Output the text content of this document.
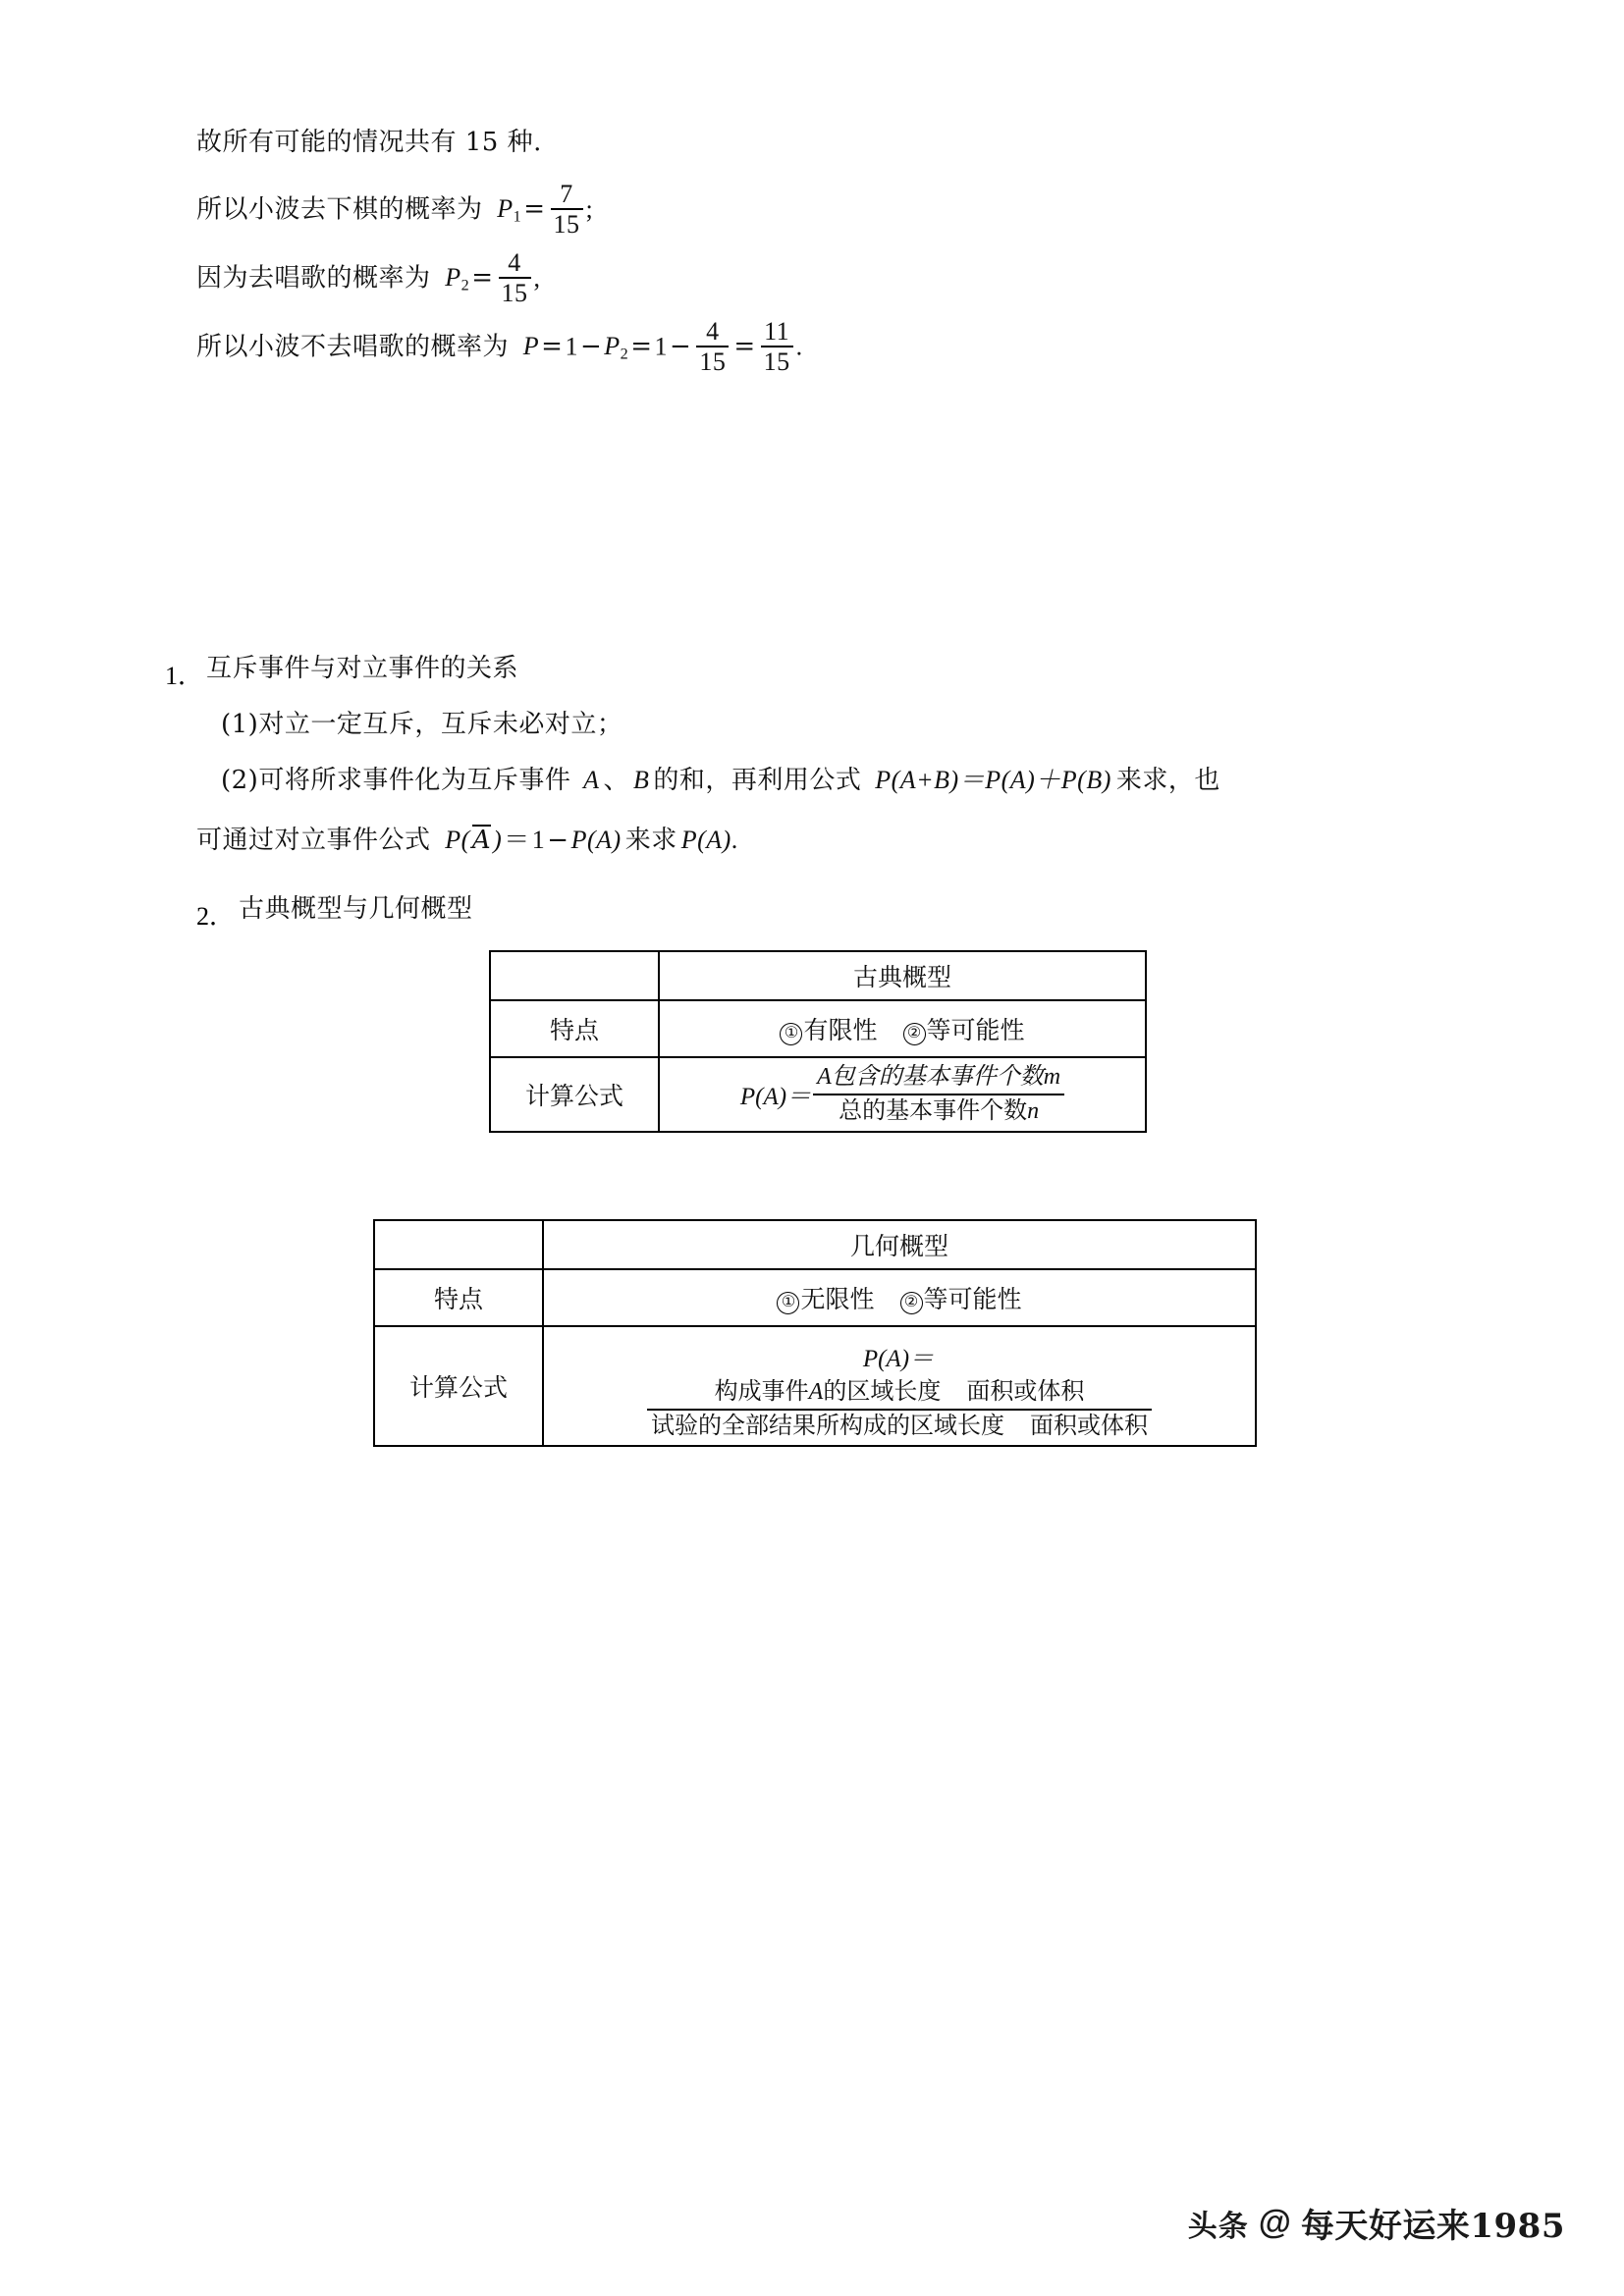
故所有可能的情况共有 15 种.
所以小波去下棋的概率为 $P_1= \frac{7}{15}$ ;
因为去唱歌的概率为 $P_2= \frac{4}{15}$ ,
所以小波不去唱歌的概率为 $P=1-P_2=1- \frac{4}{15} = \frac{11}{15}$ .
1． 互斥事件与对立事件的关系
(1)对立一定互斥，互斥未必对立；
(2)可将所求事件化为互斥事件 A 、 B 的和，再利用公式 P(A+B)＝P(A)＋P(B) 来求，也
可通过对立事件公式 P(A)＝1−P(A) 来求 P(A).
2． 古典概型与几何概型
	古典概型
特点	① 有限性 ② 等可能性
计算公式	$P(A)= \frac{\text{A包含的基本事件个数m}}{\text{总的基本事件个数n}}$
	几何概型
特点	① 无限性 ② 等可能性
计算公式	P(A)＝
$\frac{\text{构成事件A的区域长度 面积或体积}}{\text{试验的全部结果所构成的区域长度 面积或体积}}$
头条 @ 每天好运来1985
